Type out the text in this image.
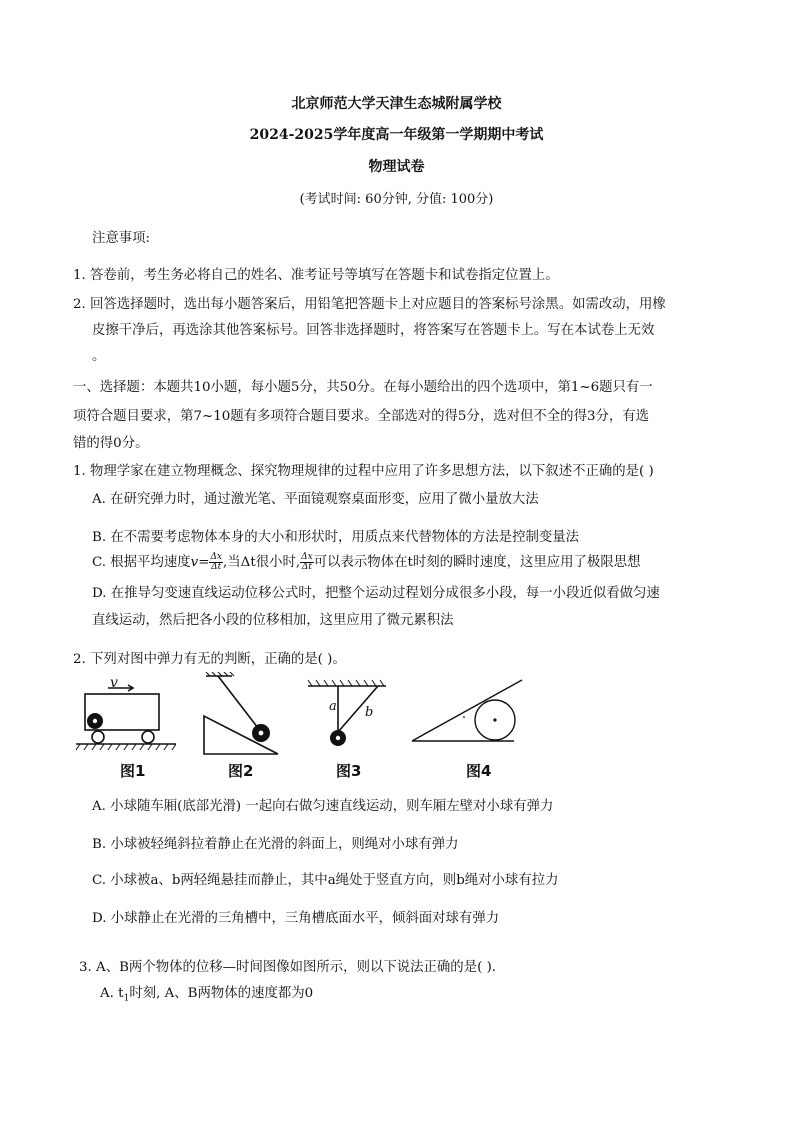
北京师范大学天津生态城附属学校
2024-2025学年度高一年级第一学期期中考试
物理试卷
(考试时间: 60分钟, 分值: 100分)
注意事项:
1. 答卷前，考生务必将自己的姓名、准考证号等填写在答题卡和试卷指定位置上。
2. 回答选择题时，选出每小题答案后，用铅笔把答题卡上对应题目的答案标号涂黑。如需改动，用橡
皮擦干净后，再选涂其他答案标号。回答非选择题时，将答案写在答题卡上。写在本试卷上无效
。
一、选择题：本题共10小题，每小题5分，共50分。在每小题给出的四个选项中，第1~6题只有一
项符合题目要求，第7~10题有多项符合题目要求。全部选对的得5分，选对但不全的得3分，有选
错的得0分。
1. 物理学家在建立物理概念、探究物理规律的过程中应用了许多思想方法，以下叙述不正确的是( )
A. 在研究弹力时，通过激光笔、平面镜观察桌面形变，应用了微小量放大法
B. 在不需要考虑物体本身的大小和形状时，用质点来代替物体的方法是控制变量法
C. 根据平均速度$v= \frac{\Delta x}{\Delta t}$ ,当Δt很小时, $\frac{\Delta x}{\Delta t}$ 可以表示物体在t时刻的瞬时速度，这里应用了极限思想
D. 在推导匀变速直线运动位移公式时，把整个运动过程划分成很多小段，每一小段近似看做匀速
直线运动，然后把各小段的位移相加，这里应用了微元累积法
2. 下列对图中弹力有无的判断，正确的是( )。
v
a b
图1	图2	图3	图4
A. 小球随车厢(底部光滑) 一起向右做匀速直线运动，则车厢左壁对小球有弹力
B. 小球被轻绳斜拉着静止在光滑的斜面上，则绳对小球有弹力
C. 小球被a、b两轻绳悬挂而静止，其中a绳处于竖直方向，则b绳对小球有拉力
D. 小球静止在光滑的三角槽中，三角槽底面水平，倾斜面对球有弹力
3. A、B两个物体的位移—时间图像如图所示，则以下说法正确的是( ).
A. $t_1$时刻, A、B两物体的速度都为0
